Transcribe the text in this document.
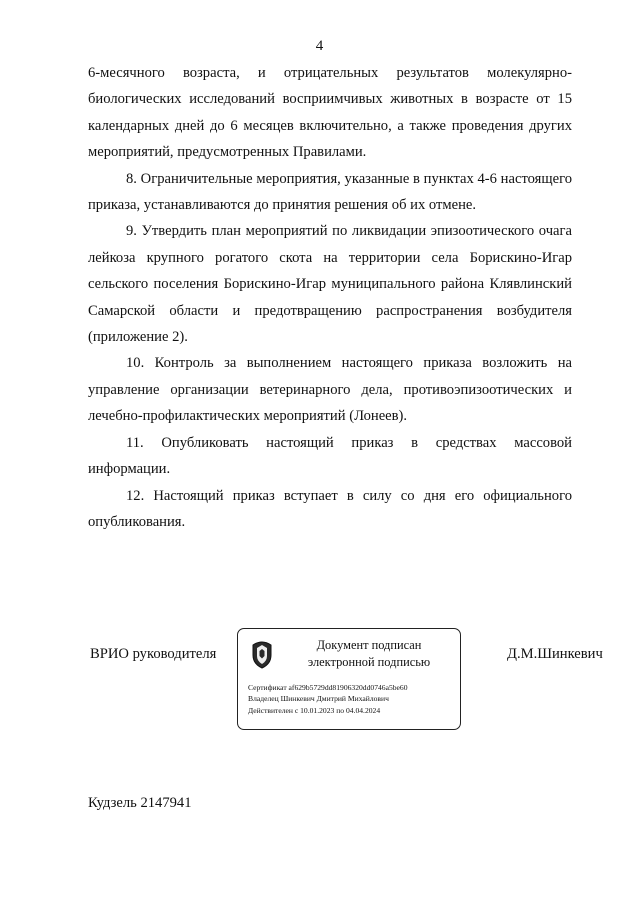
4

6-месячного возраста, и отрицательных результатов молекулярно-биологических исследований восприимчивых животных в возрасте от 15 календарных дней до 6 месяцев включительно, а также проведения других мероприятий, предусмотренных Правилами.

8. Ограничительные мероприятия, указанные в пунктах 4-6 настоящего приказа, устанавливаются до принятия решения об их отмене.

9. Утвердить план мероприятий по ликвидации эпизоотического очага лейкоза крупного рогатого скота на территории села Борискино-Игар сельского поселения Борискино-Игар муниципального района Клявлинский Самарской области и предотвращению распространения возбудителя (приложение 2).

10. Контроль за выполнением настоящего приказа возложить на управление организации ветеринарного дела, противоэпизоотических и лечебно-профилактических мероприятий (Лонеев).

11. Опубликовать настоящий приказ в средствах массовой информации.

12. Настоящий приказ вступает в силу со дня его официального опубликования.

ВРИО руководителя
Документ подписан
электронной подписью
Сертификат af629b5729dd81906320dd0746a5be60
Владелец Шинкевич Дмитрий Михайлович
Действителен с 10.01.2023 по 04.04.2024
Д.М.Шинкевич
Кудзель 2147941
